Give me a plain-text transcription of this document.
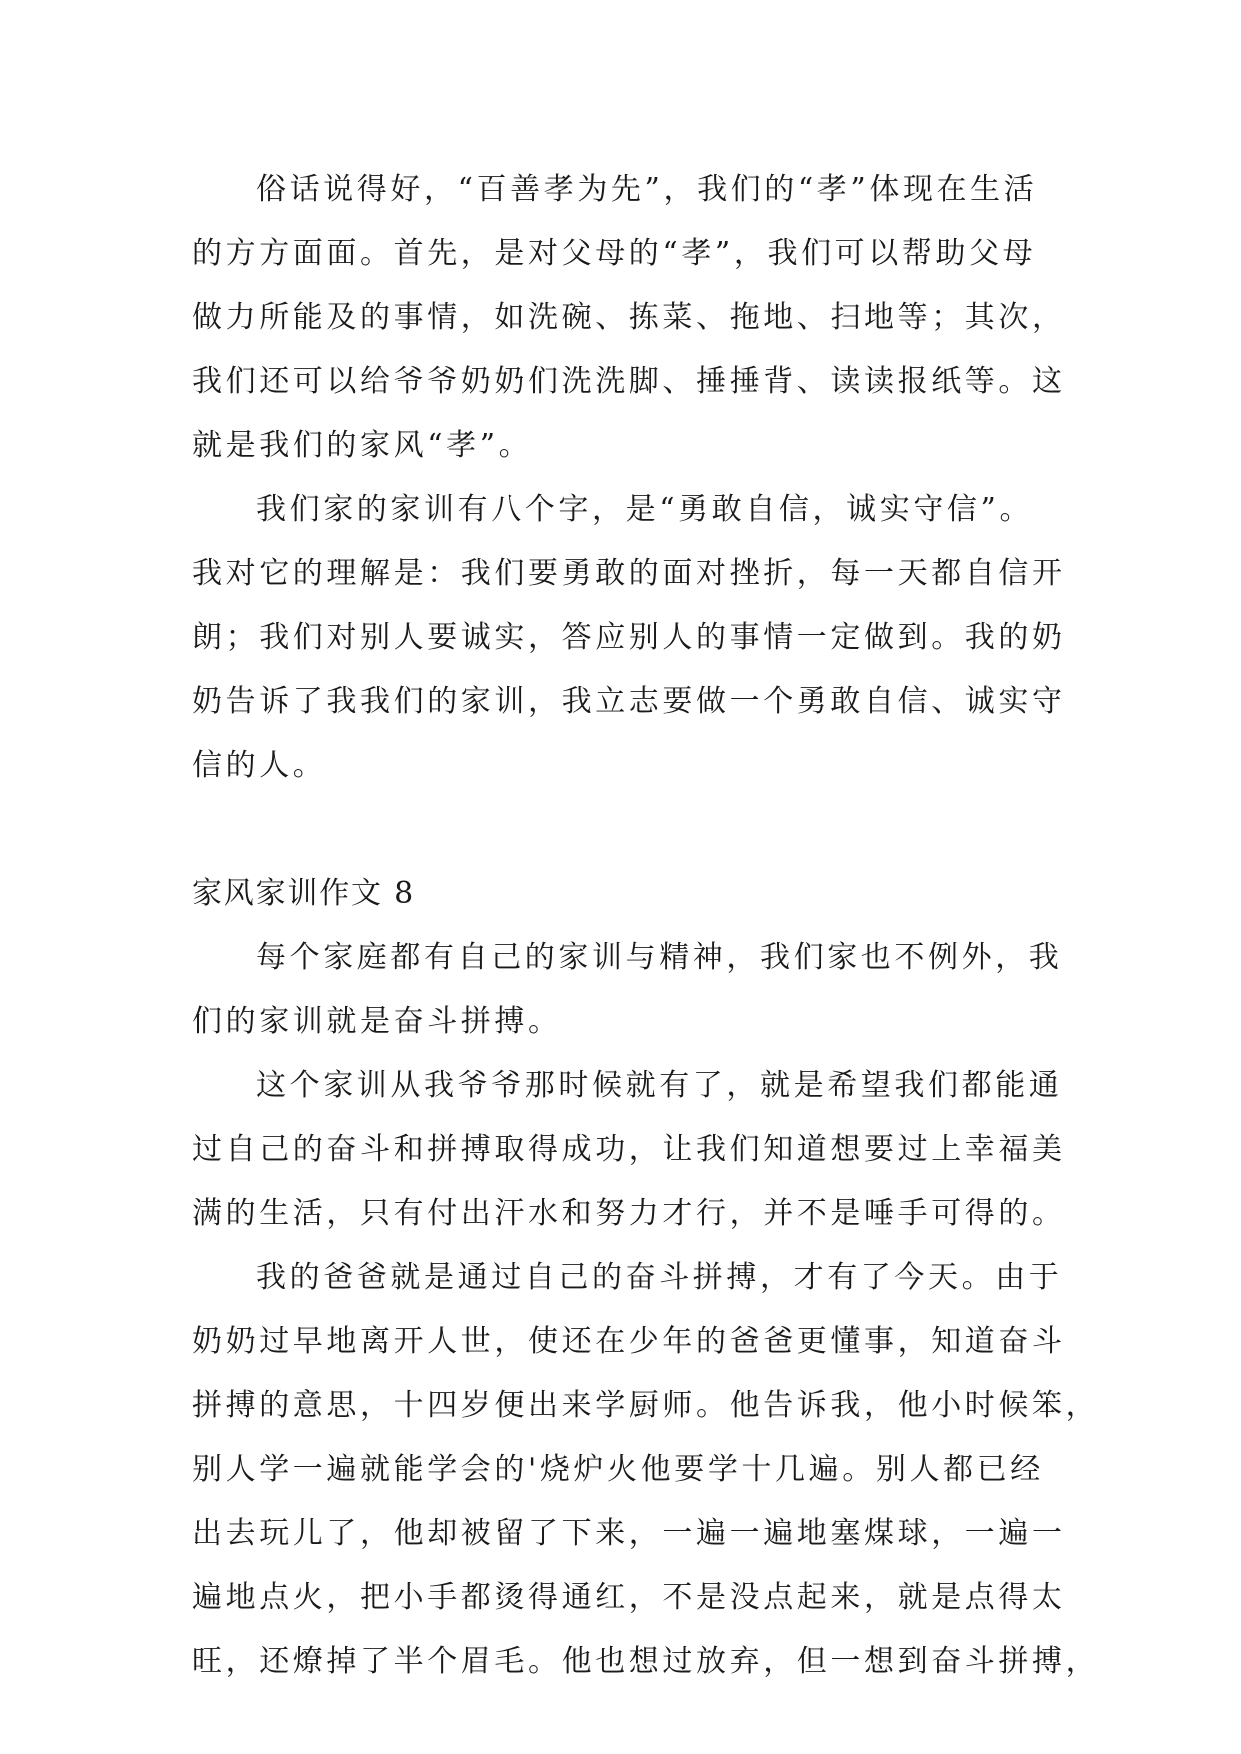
俗话说得好，“百善孝为先”，我们的“孝”体现在生活
的方方面面。首先，是对父母的“孝”，我们可以帮助父母
做力所能及的事情，如洗碗、拣菜、拖地、扫地等；其次，
我们还可以给爷爷奶奶们洗洗脚、捶捶背、读读报纸等。这
就是我们的家风“孝”。
我们家的家训有八个字，是“勇敢自信，诚实守信”。
我对它的理解是：我们要勇敢的面对挫折，每一天都自信开
朗；我们对别人要诚实，答应别人的事情一定做到。我的奶
奶告诉了我我们的家训，我立志要做一个勇敢自信、诚实守
信的人。
家风家训作文 8
每个家庭都有自己的家训与精神，我们家也不例外，我
们的家训就是奋斗拼搏。
这个家训从我爷爷那时候就有了，就是希望我们都能通
过自己的奋斗和拼搏取得成功，让我们知道想要过上幸福美
满的生活，只有付出汗水和努力才行，并不是唾手可得的。
我的爸爸就是通过自己的奋斗拼搏，才有了今天。由于
奶奶过早地离开人世，使还在少年的爸爸更懂事，知道奋斗
拼搏的意思，十四岁便出来学厨师。他告诉我，他小时候笨，
别人学一遍就能学会的'烧炉火他要学十几遍。别人都已经
出去玩儿了，他却被留了下来，一遍一遍地塞煤球，一遍一
遍地点火，把小手都烫得通红，不是没点起来，就是点得太
旺，还燎掉了半个眉毛。他也想过放弃，但一想到奋斗拼搏，
